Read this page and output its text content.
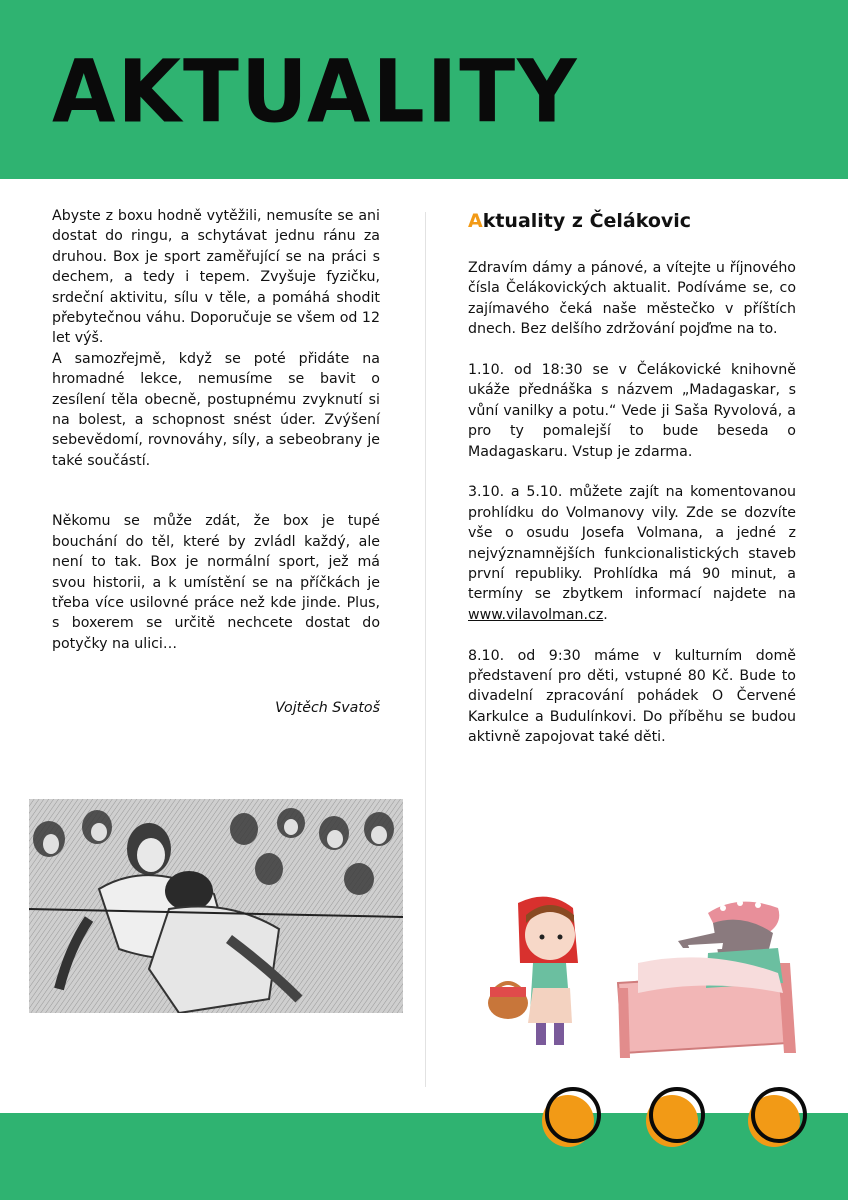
AKTUALITY

Abyste z boxu hodně vytěžili, nemusíte se ani dostat do ringu, a schytávat jednu ránu za druhou. Box je sport zaměřující se na práci s dechem, a tedy i tepem. Zvyšuje fyzičku, srdeční aktivitu, sílu v těle, a pomáhá shodit přebytečnou váhu. Doporučuje se všem od 12 let výš.
A samozřejmě, když se poté přidáte na hromadné lekce, nemusíme se bavit o zesílení těla obecně, postupnému zvyknutí si na bolest, a schopnost snést úder. Zvýšení sebevědomí, rovnováhy, síly, a sebeobrany je také součástí.

Někomu se může zdát, že box je tupé bouchání do těl, které by zvládl každý, ale není to tak. Box je normální sport, jež má svou historii, a k umístění se na příčkách je třeba více usilovné práce než kde jinde. Plus, s boxerem se určitě nechcete dostat do potyčky na ulici…

Vojtěch Svatoš
Aktuality z Čelákovic

Zdravím dámy a pánové, a vítejte u říjnového čísla Čelákovických aktualit. Podíváme se, co zajímavého čeká naše městečko v příštích dnech. Bez delšího zdržování pojďme na to.

1.10. od 18:30 se v Čelákovické knihovně ukáže přednáška s názvem „Madagaskar, s vůní vanilky a potu.“ Vede ji Saša Ryvolová, a pro ty pomalejší to bude beseda o Madagaskaru. Vstup je zdarma.

3.10. a 5.10. můžete zajít na komentovanou prohlídku do Volmanovy vily. Zde se dozvíte vše o osudu Josefa Volmana, a jedné z nejvýznamnějších funkcionalistických staveb první republiky. Prohlídka má 90 minut, a termíny se zbytkem informací najdete na www.vilavolman.cz.

8.10. od 9:30 máme v kulturním domě představení pro děti, vstupné 80 Kč. Bude to divadelní zpracování pohádek O Červené Karkulce a Budulínkovi. Do příběhu se budou aktivně zapojovat také děti.
